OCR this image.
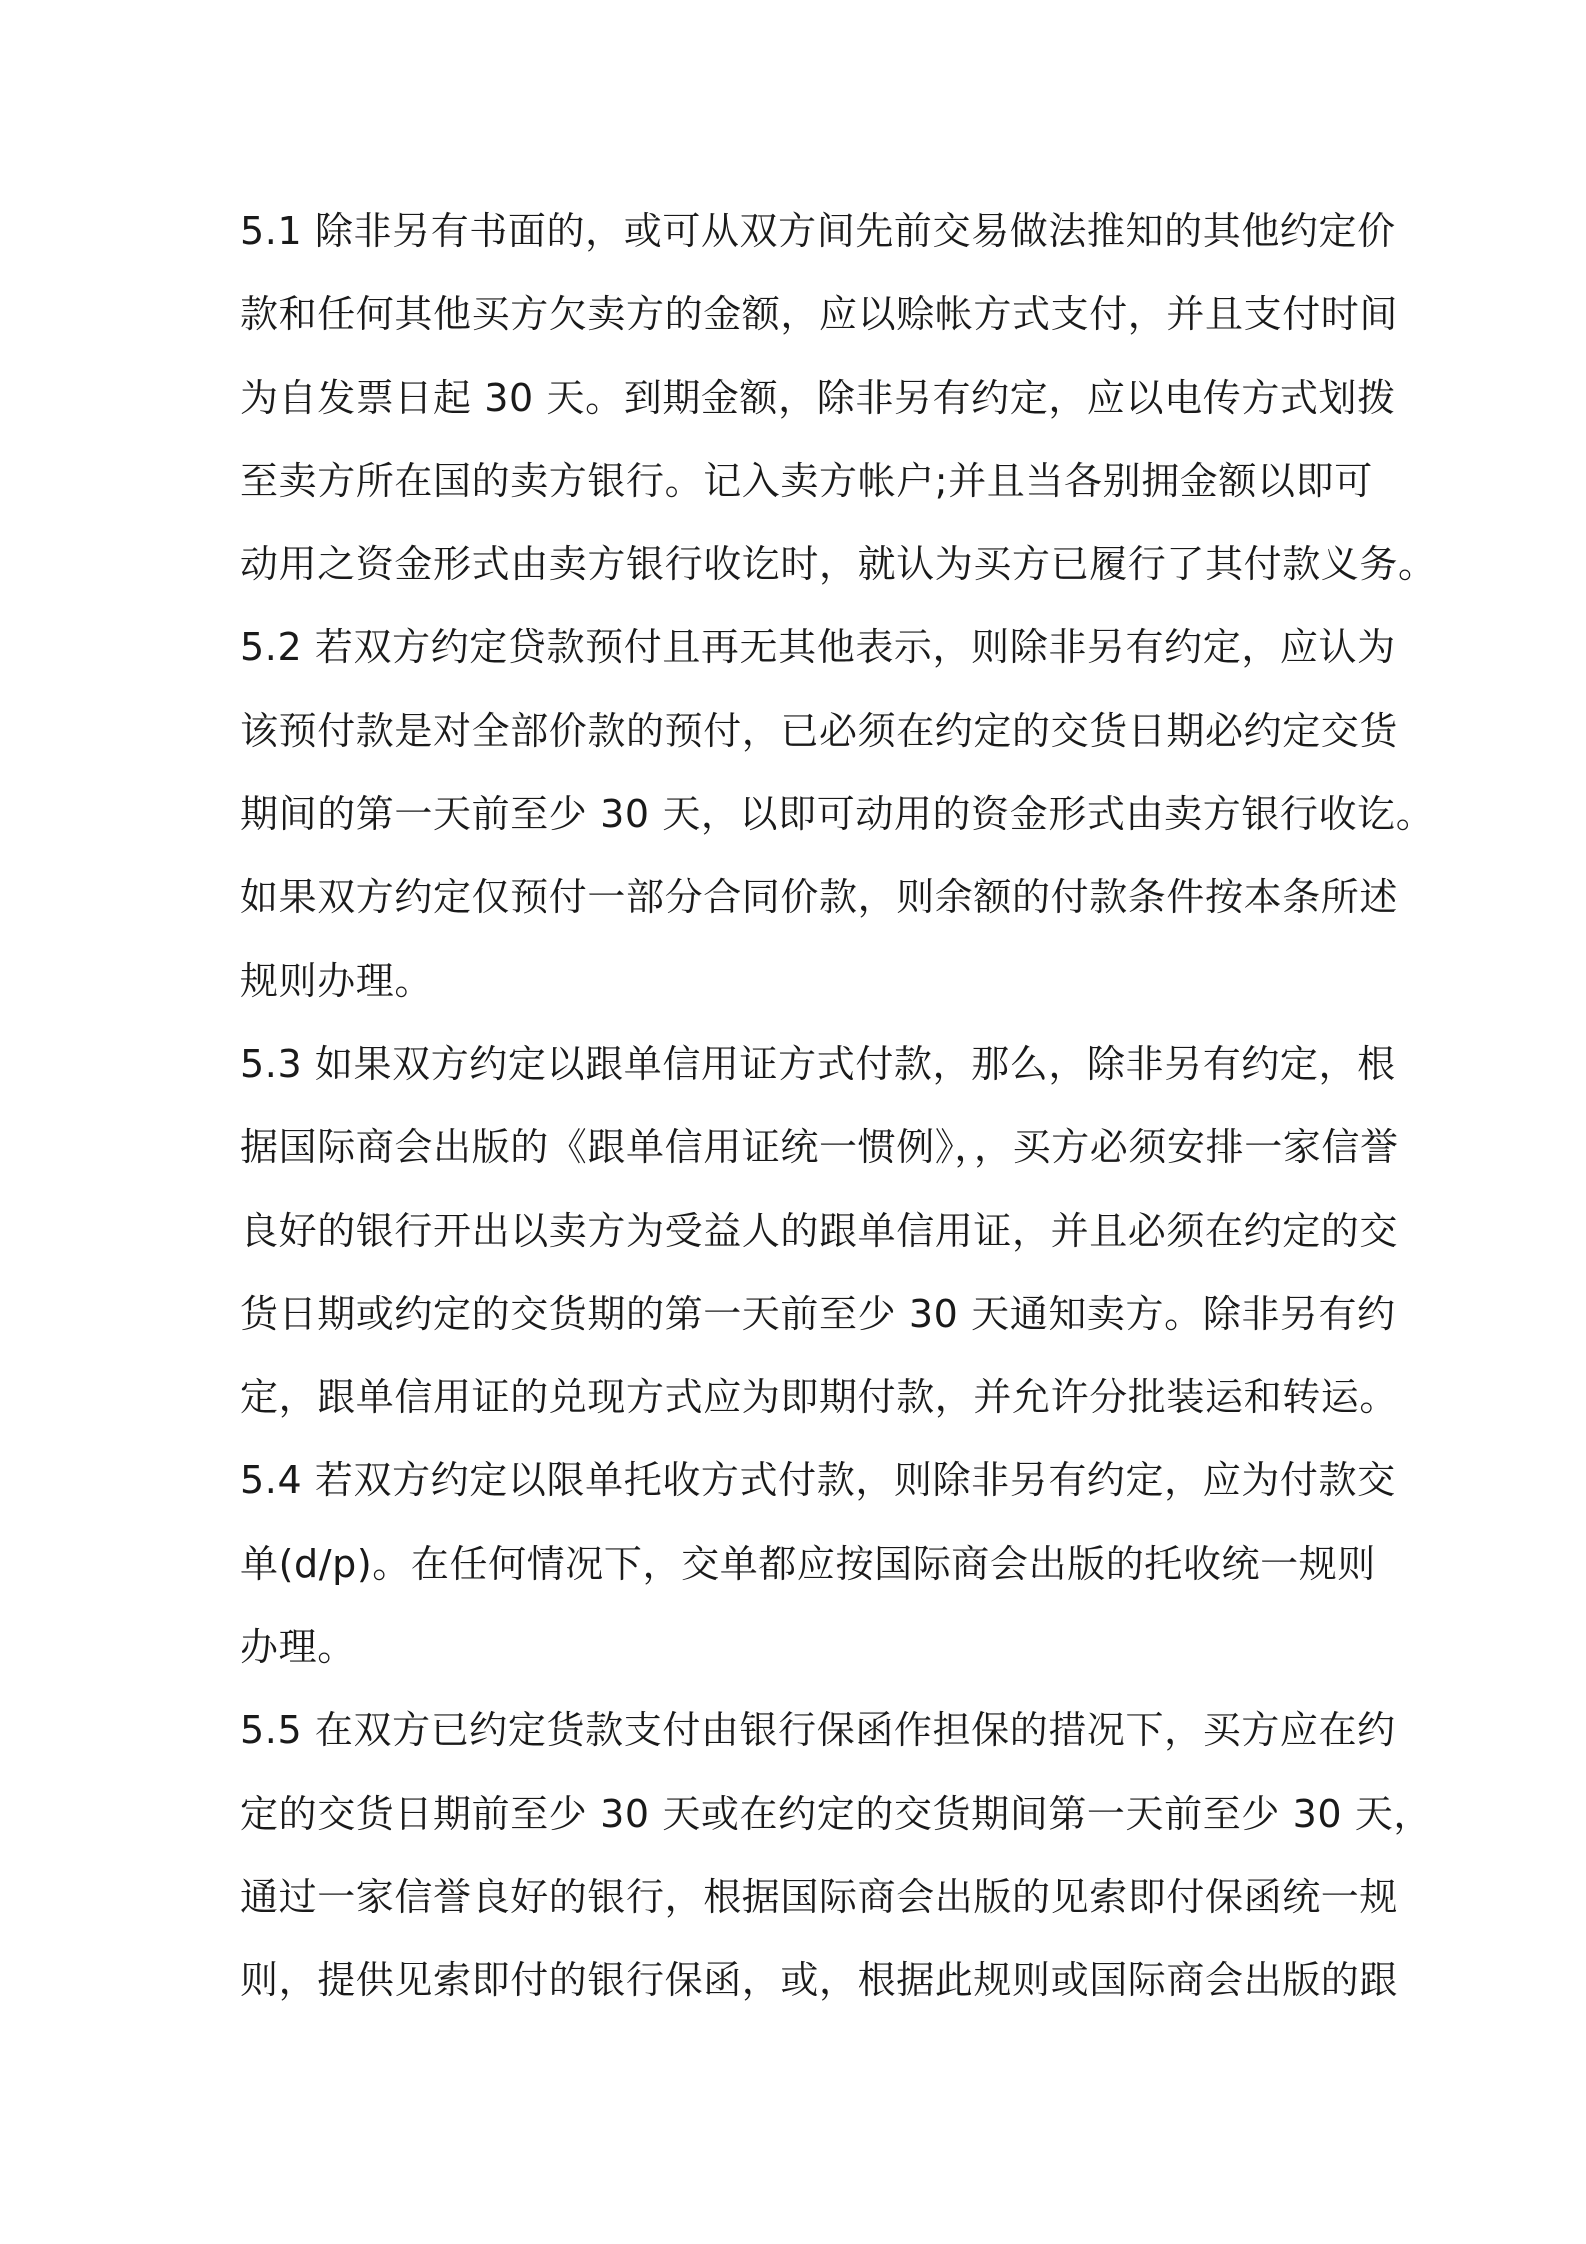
5.1 除非另有书面的，或可从双方间先前交易做法推知的其他约定价
款和任何其他买方欠卖方的金额，应以赊帐方式支付，并且支付时间
为自发票日起 30 天。到期金额，除非另有约定，应以电传方式划拨
至卖方所在国的卖方银行。记入卖方帐户;并且当各别拥金额以即可
动用之资金形式由卖方银行收讫时，就认为买方已履行了其付款义务。
5.2 若双方约定贷款预付且再无其他表示，则除非另有约定，应认为
该预付款是对全部价款的预付，已必须在约定的交货日期必约定交货
期间的第一天前至少 30 天，以即可动用的资金形式由卖方银行收讫。
如果双方约定仅预付一部分合同价款，则余额的付款条件按本条所述
规则办理。
5.3 如果双方约定以跟单信用证方式付款，那么，除非另有约定，根
据国际商会出版的《跟单信用证统一惯例》，，买方必须安排一家信誉
良好的银行开出以卖方为受益人的跟单信用证，并且必须在约定的交
货日期或约定的交货期的第一天前至少 30 天通知卖方。除非另有约
定，跟单信用证的兑现方式应为即期付款，并允许分批装运和转运。
5.4 若双方约定以限单托收方式付款，则除非另有约定，应为付款交
单(d/p)。在任何情况下，交单都应按国际商会出版的托收统一规则
办理。
5.5 在双方已约定货款支付由银行保函作担保的措况下，买方应在约
定的交货日期前至少 30 天或在约定的交货期间第一天前至少 30 天，
通过一家信誉良好的银行，根据国际商会出版的见索即付保函统一规
则，提供见索即付的银行保函，或，根据此规则或国际商会出版的跟
